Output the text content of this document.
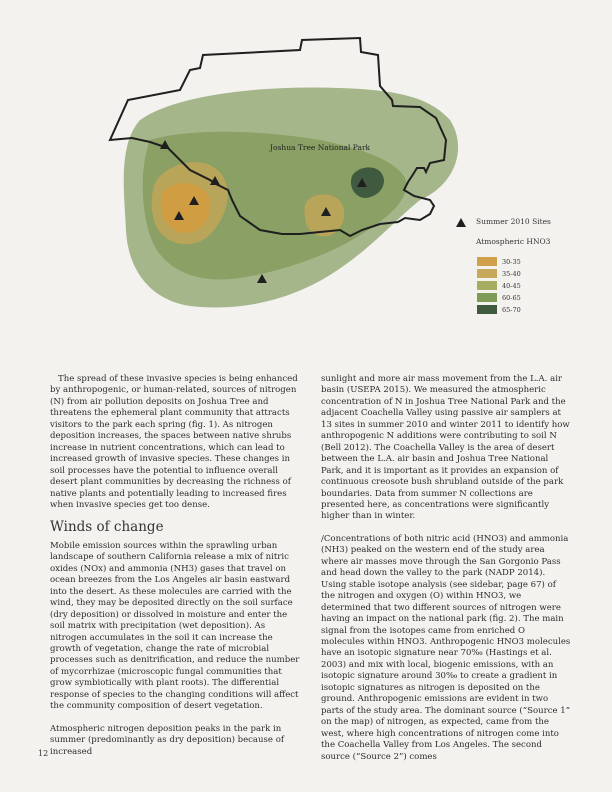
Joshua Tree National Park
Summer 2010 Sites
Atmospheric HNO3
30-35
35-40
40-45
60-65
65-70

The spread of these invasive species is being enhanced by anthropogenic, or human-related, sources of nitrogen (N) from air pollution deposits on Joshua Tree and threatens the ephemeral plant community that attracts visitors to the park each spring (fig. 1). As nitrogen deposition increases, the spaces between native shrubs increase in nutrient concentrations, which can lead to increased growth of invasive species. These changes in soil processes have the potential to influence overall desert plant communities by decreasing the richness of native plants and potentially leading to increased fires when invasive species get too dense.

Winds of change

Mobile emission sources within the sprawling urban landscape of southern California release a mix of nitric oxides (NOx) and ammonia (NH3) gases that travel on ocean breezes from the Los Angeles air basin eastward into the desert. As these molecules are carried with the wind, they may be deposited directly on the soil surface (dry deposition) or dissolved in moisture and enter the soil matrix with precipitation (wet deposition). As nitrogen accumulates in the soil it can increase the growth of vegetation, change the rate of microbial processes such as denitrification, and reduce the number of mycorrhizae (microscopic fungal communities that grow symbiotically with plant roots). The differential response of species to the changing conditions will affect the community composition of desert vegetation.

Atmospheric nitrogen deposition peaks in the park in summer (predominantly as dry deposition) because of increased

sunlight and more air mass movement from the L.A. air basin (USEPA 2015). We measured the atmospheric concentration of N in Joshua Tree National Park and the adjacent Coachella Valley using passive air samplers at 13 sites in summer 2010 and winter 2011 to identify how anthropogenic N additions were contributing to soil N (Bell 2012). The Coachella Valley is the area of desert between the L.A. air basin and Joshua Tree National Park, and it is important as it provides an expansion of continuous creosote bush shrubland outside of the park boundaries. Data from summer N collections are presented here, as concentrations were significantly higher than in winter.

/Concentrations of both nitric acid (HNO3) and ammonia (NH3) peaked on the western end of the study area where air masses move through the San Gorgonio Pass and head down the valley to the park (NADP 2014). Using stable isotope analysis (see sidebar, page 67) of the nitrogen and oxygen (O) within HNO3, we determined that two different sources of nitrogen were having an impact on the national park (fig. 2). The main signal from the isotopes came from enriched O molecules within HNO3. Anthropogenic HNO3 molecules have an isotopic signature near 70‰ (Hastings et al. 2003) and mix with local, biogenic emissions, with an isotopic signature around 30‰ to create a gradient in isotopic signatures as nitrogen is deposited on the ground. Anthropogenic emissions are evident in two parts of the study area. The dominant source (“Source 1” on the map) of nitrogen, as expected, came from the west, where high concentrations of nitrogen come into the Coachella Valley from Los Angeles. The second source (“Source 2”) comes

12
